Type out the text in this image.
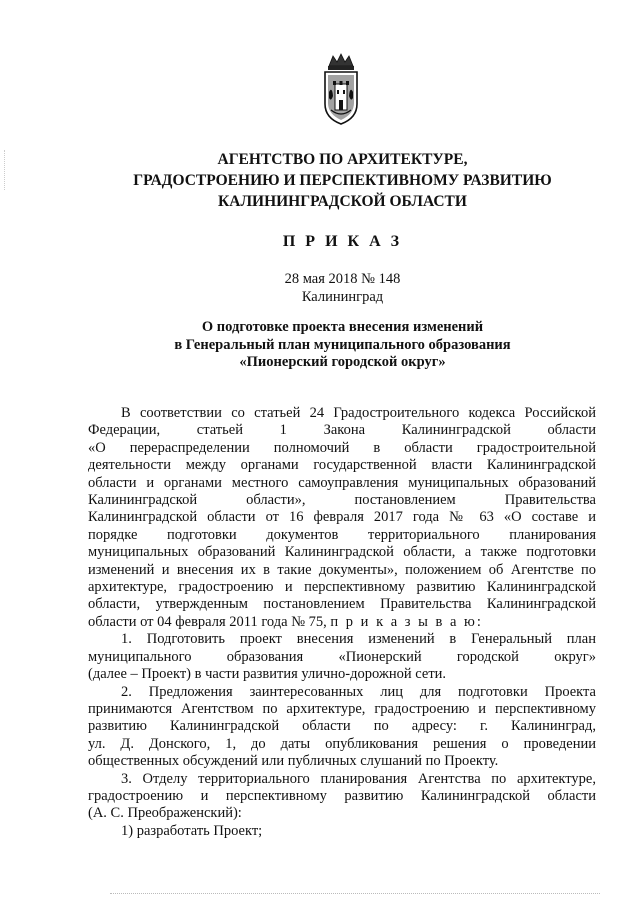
АГЕНТСТВО ПО АРХИТЕКТУРЕ,
ГРАДОСТРОЕНИЮ И ПЕРСПЕКТИВНОМУ РАЗВИТИЮ
КАЛИНИНГРАДСКОЙ ОБЛАСТИ
П Р И К А З
28 мая 2018 № 148
Калининград
О подготовке проекта внесения изменений
в Генеральный план муниципального образования
«Пионерский городской округ»
В соответствии со статьей 24 Градостроительного кодекса Российской
Федерации, статьей 1 Закона Калининградской области
«О перераспределении полномочий в области градостроительной
деятельности между органами государственной власти Калининградской
области и органами местного самоуправления муниципальных образований
Калининградской области», постановлением Правительства
Калининградской области от 16 февраля 2017 года № 63 «О составе и
порядке подготовки документов территориального планирования
муниципальных образований Калининградской области, а также подготовки
изменений и внесения их в такие документы», положением об Агентстве по
архитектуре, градостроению и перспективному развитию Калининградской
области, утвержденным постановлением Правительства Калининградской
области от 04 февраля 2011 года № 75, п р и к а з ы в а ю:
1. Подготовить проект внесения изменений в Генеральный план
муниципального образования «Пионерский городской округ»
(далее – Проект) в части развития улично-дорожной сети.
2. Предложения заинтересованных лиц для подготовки Проекта
принимаются Агентством по архитектуре, градостроению и перспективному
развитию Калининградской области по адресу: г. Калининград,
ул. Д. Донского, 1, до даты опубликования решения о проведении
общественных обсуждений или публичных слушаний по Проекту.
3. Отделу территориального планирования Агентства по архитектуре,
градостроению и перспективному развитию Калининградской области
(А. С. Преображенский):
1) разработать Проект;
